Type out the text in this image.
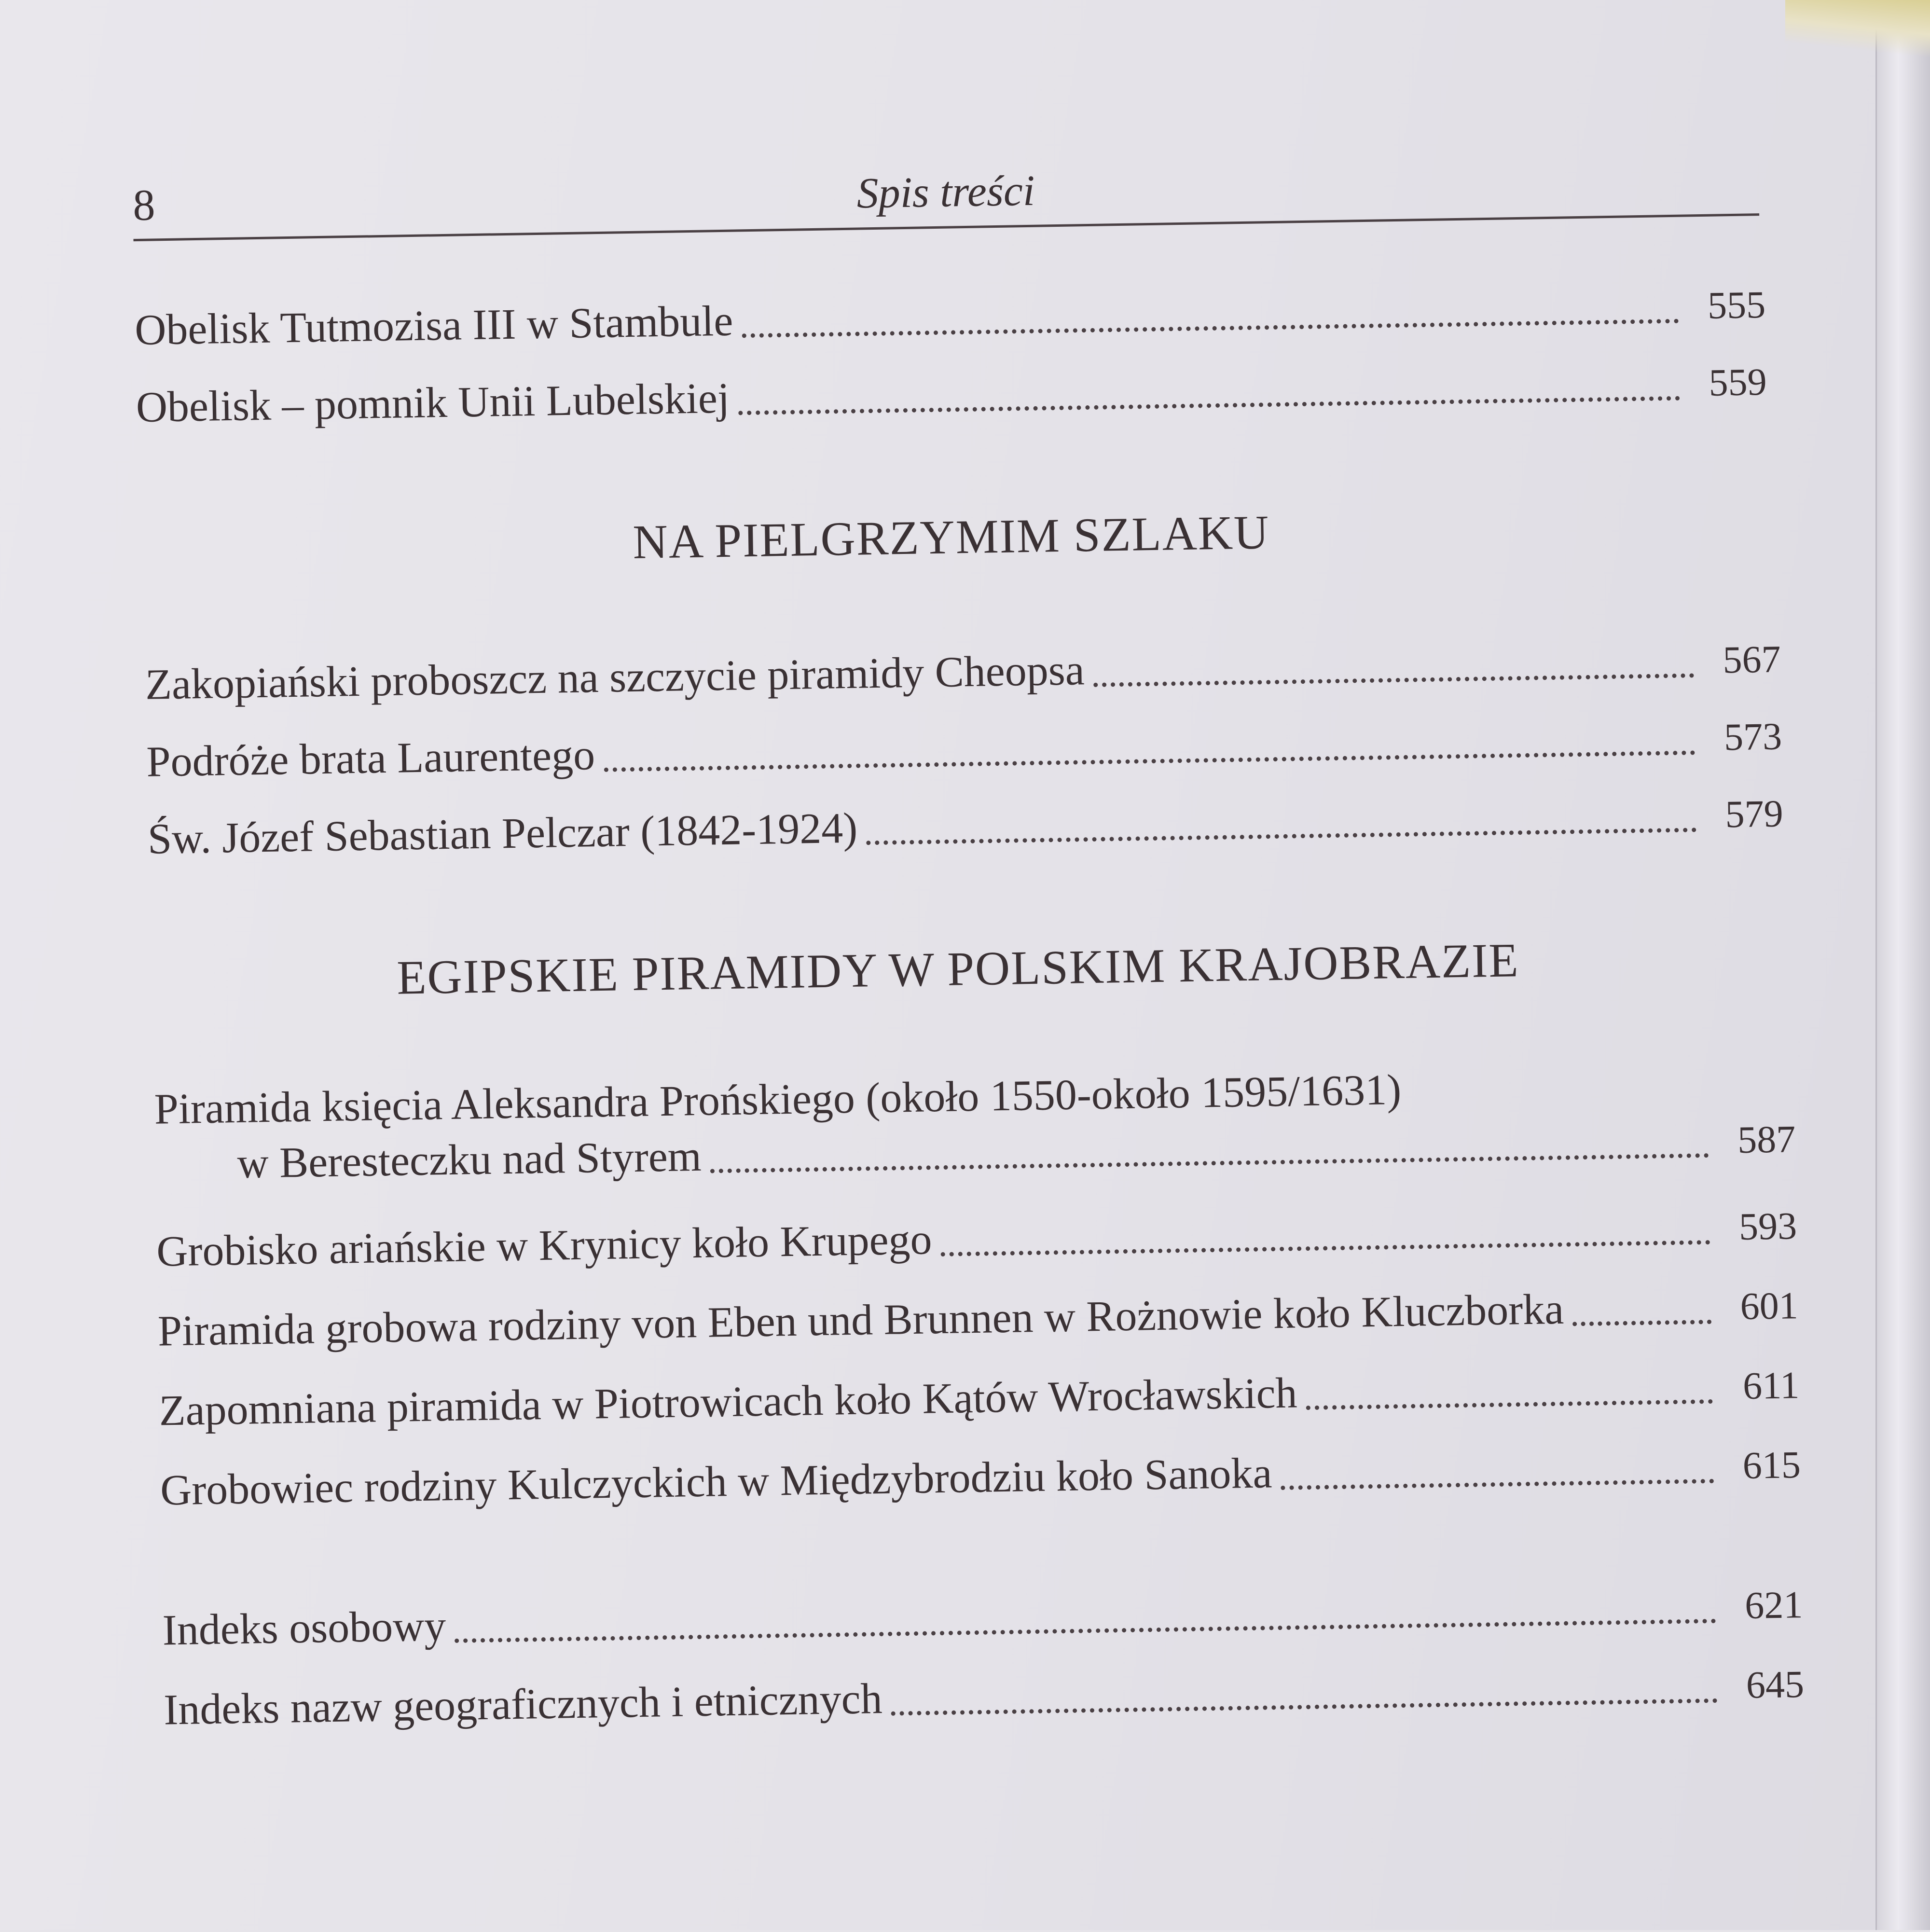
8	Spis treści
Obelisk Tutmozisa III w Stambule	555
Obelisk – pomnik Unii Lubelskiej	559
NA PIELGRZYMIM SZLAKU
Zakopiański proboszcz na szczycie piramidy Cheopsa	567
Podróże brata Laurentego	573
Św. Józef Sebastian Pelczar (1842-1924)	579
EGIPSKIE PIRAMIDY W POLSKIM KRAJOBRAZIE
Piramida księcia Aleksandra Prońskiego (około 1550-około 1595/1631)
w Beresteczku nad Styrem	587
Grobisko ariańskie w Krynicy koło Krupego	593
Piramida grobowa rodziny von Eben und Brunnen w Rożnowie koło Kluczborka	601
Zapomniana piramida w Piotrowicach koło Kątów Wrocławskich	611
Grobowiec rodziny Kulczyckich w Międzybrodziu koło Sanoka	615
Indeks osobowy	621
Indeks nazw geograficznych i etnicznych	645
